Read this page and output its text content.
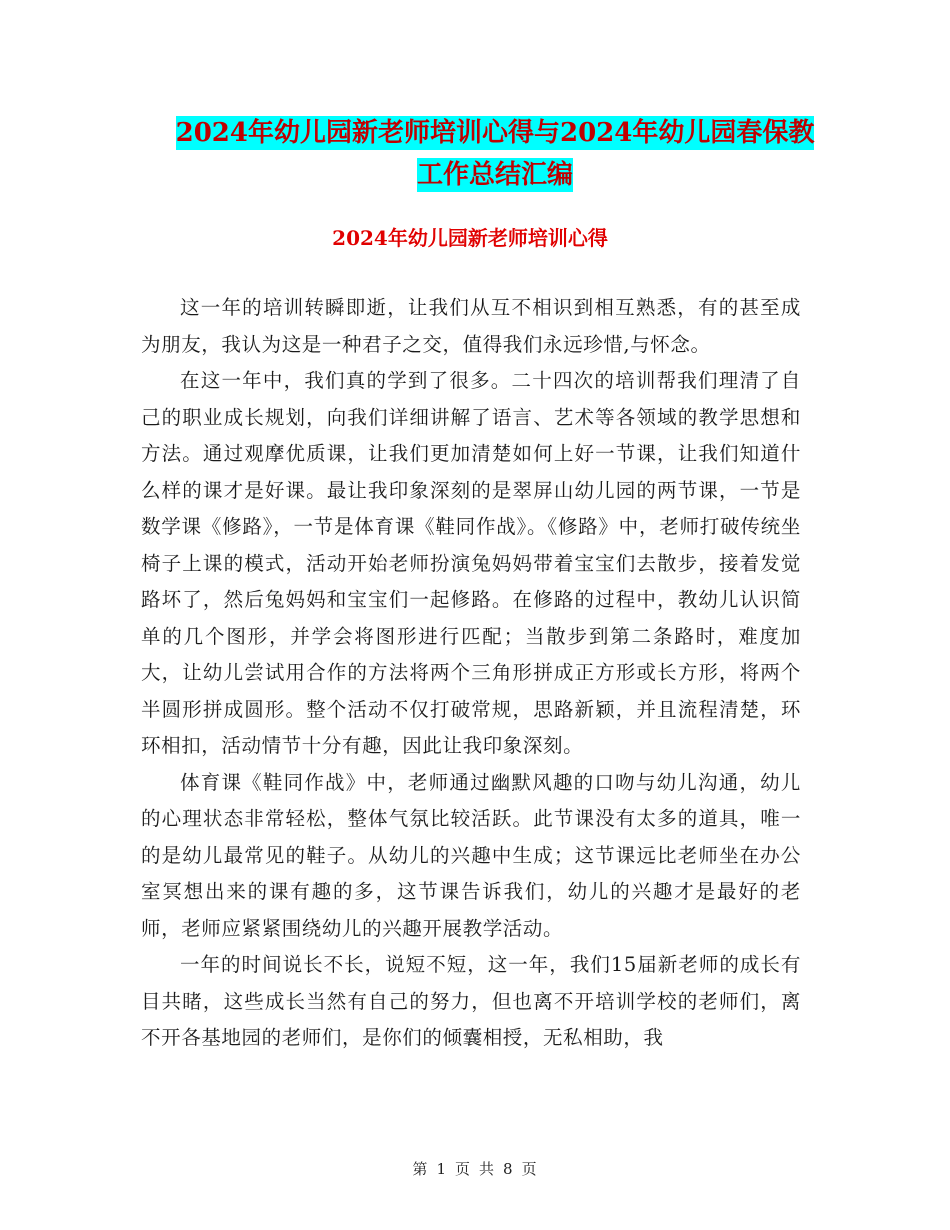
2024年幼儿园新老师培训心得与2024年幼儿园春保教
工作总结汇编
2024年幼儿园新老师培训心得

这一年的培训转瞬即逝，让我们从互不相识到相互熟悉，有的甚至成为朋友，我认为这是一种君子之交，值得我们永远珍惜,与怀念。

在这一年中，我们真的学到了很多。二十四次的培训帮我们理清了自己的职业成长规划，向我们详细讲解了语言、艺术等各领域的教学思想和方法。通过观摩优质课，让我们更加清楚如何上好一节课，让我们知道什么样的课才是好课。最让我印象深刻的是翠屏山幼儿园的两节课，一节是数学课《修路》，一节是体育课《鞋同作战》。《修路》中，老师打破传统坐椅子上课的模式，活动开始老师扮演兔妈妈带着宝宝们去散步，接着发觉路坏了，然后兔妈妈和宝宝们一起修路。在修路的过程中，教幼儿认识简单的几个图形，并学会将图形进行匹配；当散步到第二条路时，难度加大，让幼儿尝试用合作的方法将两个三角形拼成正方形或长方形，将两个半圆形拼成圆形。整个活动不仅打破常规，思路新颖，并且流程清楚，环环相扣，活动情节十分有趣，因此让我印象深刻。

体育课《鞋同作战》中，老师通过幽默风趣的口吻与幼儿沟通，幼儿的心理状态非常轻松，整体气氛比较活跃。此节课没有太多的道具，唯一的是幼儿最常见的鞋子。从幼儿的兴趣中生成；这节课远比老师坐在办公室冥想出来的课有趣的多，这节课告诉我们，幼儿的兴趣才是最好的老师，老师应紧紧围绕幼儿的兴趣开展教学活动。

一年的时间说长不长，说短不短，这一年，我们15届新老师的成长有目共睹，这些成长当然有自己的努力，但也离不开培训学校的老师们，离不开各基地园的老师们，是你们的倾囊相授，无私相助，我

第 1 页 共 8 页
